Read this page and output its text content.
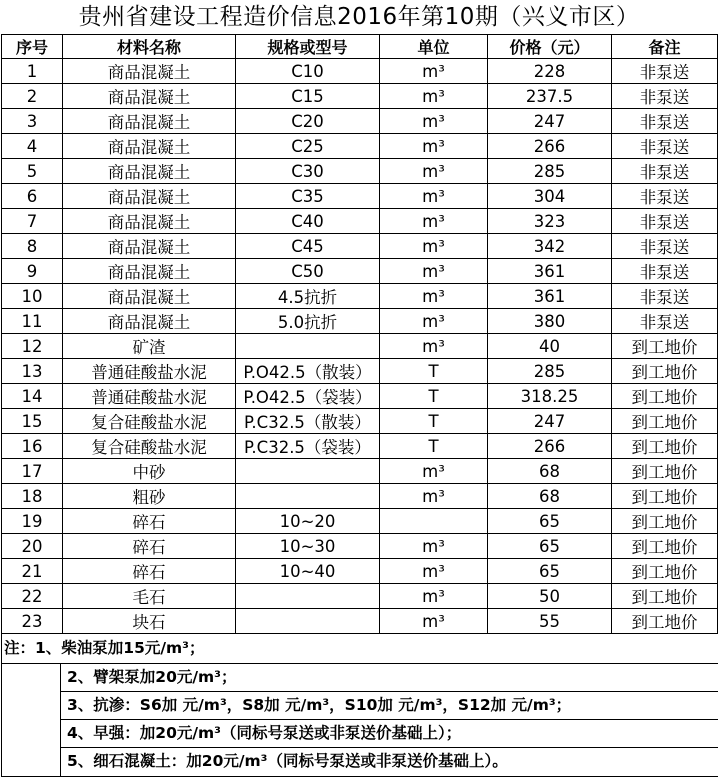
贵州省建设工程造价信息2016年第10期（兴义市区）
序号	材料名称	规格或型号	单位	价格（元）	备注
1	商品混凝土	C10	m³	228	非泵送
2	商品混凝土	C15	m³	237.5	非泵送
3	商品混凝土	C20	m³	247	非泵送
4	商品混凝土	C25	m³	266	非泵送
5	商品混凝土	C30	m³	285	非泵送
6	商品混凝土	C35	m³	304	非泵送
7	商品混凝土	C40	m³	323	非泵送
8	商品混凝土	C45	m³	342	非泵送
9	商品混凝土	C50	m³	361	非泵送
10	商品混凝土	4.5抗折	m³	361	非泵送
11	商品混凝土	5.0抗折	m³	380	非泵送
12	矿渣		m³	40	到工地价
13	普通硅酸盐水泥	P.O42.5（散装）	T	285	到工地价
14	普通硅酸盐水泥	P.O42.5（袋装）	T	318.25	到工地价
15	复合硅酸盐水泥	P.C32.5（散装）	T	247	到工地价
16	复合硅酸盐水泥	P.C32.5（袋装）	T	266	到工地价
17	中砂		m³	68	到工地价
18	粗砂		m³	68	到工地价
19	碎石	10~20		65	到工地价
20	碎石	10~30	m³	65	到工地价
21	碎石	10~40	m³	65	到工地价
22	毛石		m³	50	到工地价
23	块石		m³	55	到工地价
注：1、柴油泵加15元/m³；
2、臂架泵加20元/m³；
3、抗渗：S6加 元/m³，S8加 元/m³，S10加 元/m³，S12加 元/m³；
4、早强：加20元/m³（同标号泵送或非泵送价基础上）；
5、细石混凝土：加20元/m³（同标号泵送或非泵送价基础上）。
